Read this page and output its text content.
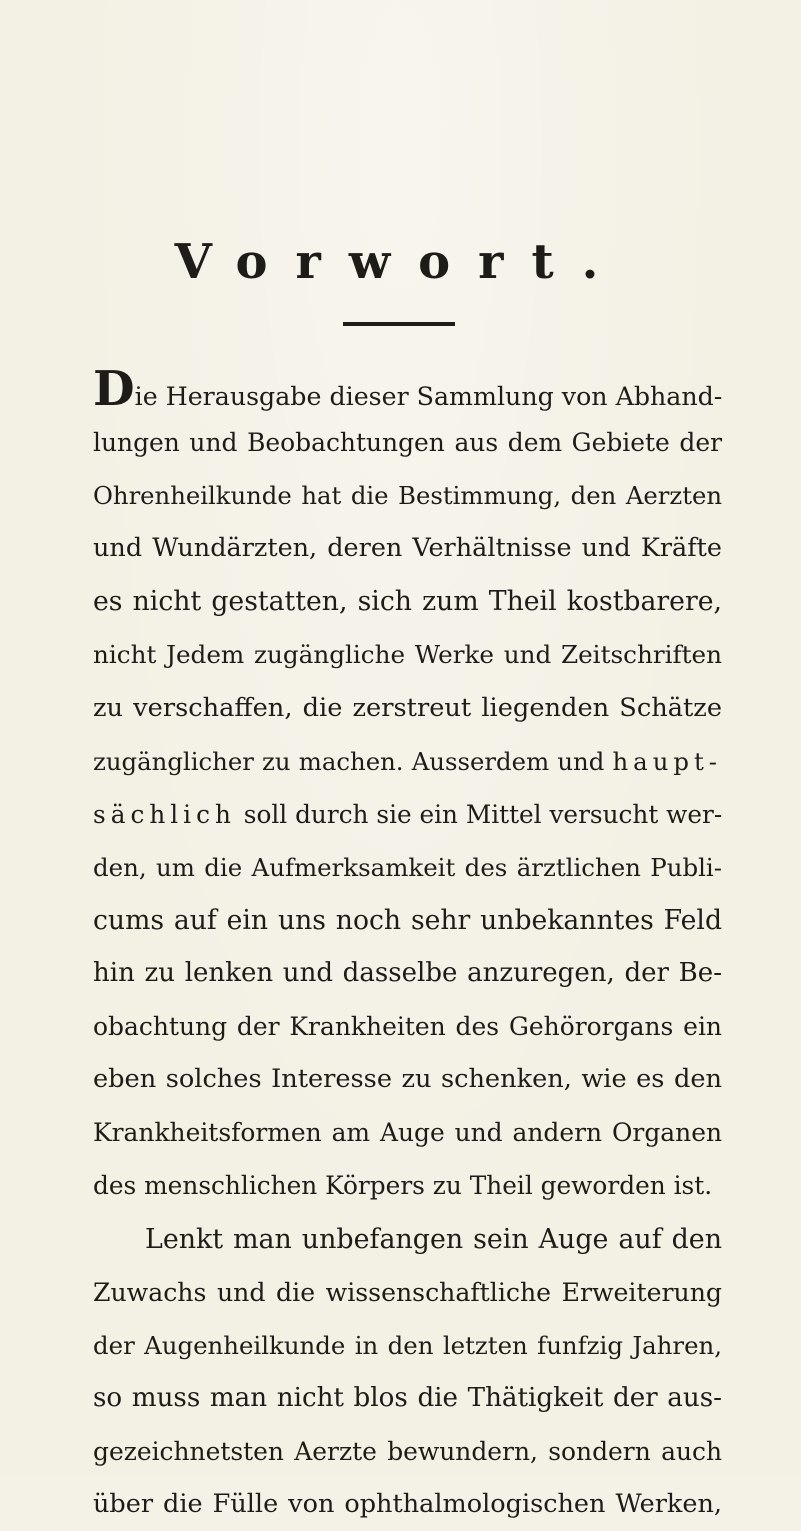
Vorwort.
Die Herausgabe dieser Sammlung von Abhand-
lungen und Beobachtungen aus dem Gebiete der
Ohrenheilkunde hat die Bestimmung, den Aerzten
und Wundärzten, deren Verhältnisse und Kräfte
es nicht gestatten, sich zum Theil kostbarere,
nicht Jedem zugängliche Werke und Zeitschriften
zu verschaffen, die zerstreut liegenden Schätze
zugänglicher zu machen. Ausserdem und haupt-
sächlich soll durch sie ein Mittel versucht wer-
den, um die Aufmerksamkeit des ärztlichen Publi-
cums auf ein uns noch sehr unbekanntes Feld
hin zu lenken und dasselbe anzuregen, der Be-
obachtung der Krankheiten des Gehörorgans ein
eben solches Interesse zu schenken, wie es den
Krankheitsformen am Auge und andern Organen
des menschlichen Körpers zu Theil geworden ist.
Lenkt man unbefangen sein Auge auf den
Zuwachs und die wissenschaftliche Erweiterung
der Augenheilkunde in den letzten funfzig Jahren,
so muss man nicht blos die Thätigkeit der aus-
gezeichnetsten Aerzte bewundern, sondern auch
über die Fülle von ophthalmologischen Werken,
